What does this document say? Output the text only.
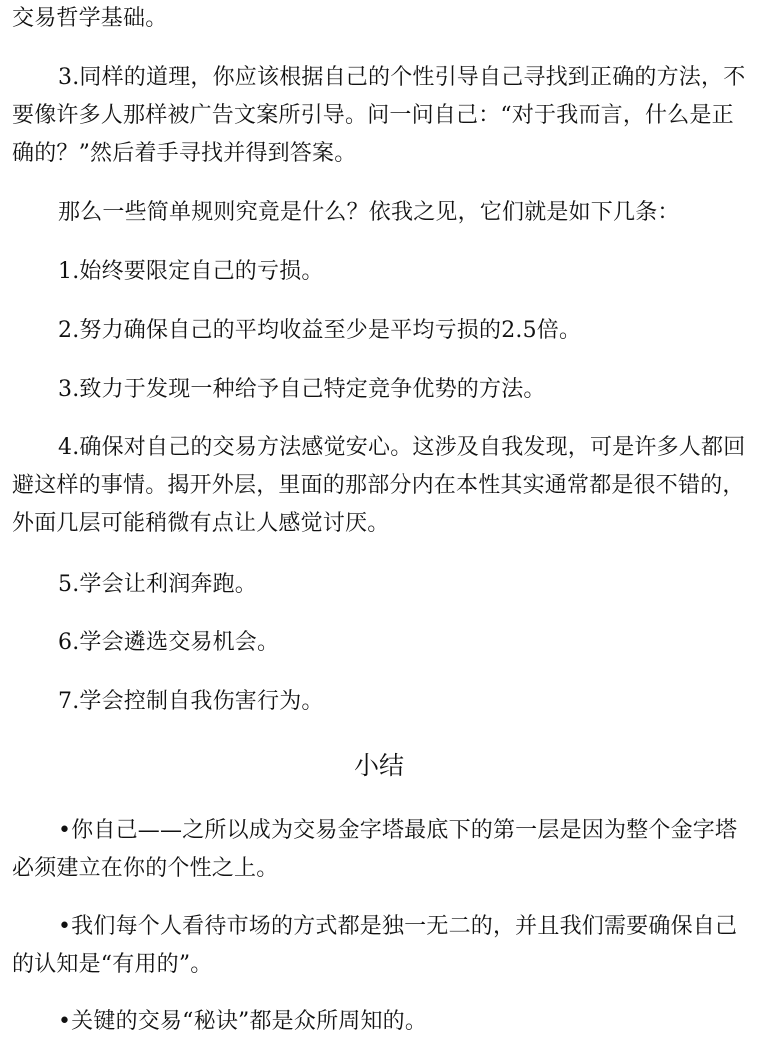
交易哲学基础。

3.同样的道理，你应该根据自己的个性引导自己寻找到正确的方法，不要像许多人那样被广告文案所引导。问一问自己：“对于我而言，什么是正确的？”然后着手寻找并得到答案。

那么一些简单规则究竟是什么？依我之见，它们就是如下几条：

1.始终要限定自己的亏损。

2.努力确保自己的平均收益至少是平均亏损的2.5倍。

3.致力于发现一种给予自己特定竞争优势的方法。

4.确保对自己的交易方法感觉安心。这涉及自我发现，可是许多人都回避这样的事情。揭开外层，里面的那部分内在本性其实通常都是很不错的，外面几层可能稍微有点让人感觉讨厌。

5.学会让利润奔跑。

6.学会遴选交易机会。

7.学会控制自我伤害行为。

小结

•你自己——之所以成为交易金字塔最底下的第一层是因为整个金字塔必须建立在你的个性之上。

•我们每个人看待市场的方式都是独一无二的，并且我们需要确保自己的认知是“有用的”。

•关键的交易“秘诀”都是众所周知的。
